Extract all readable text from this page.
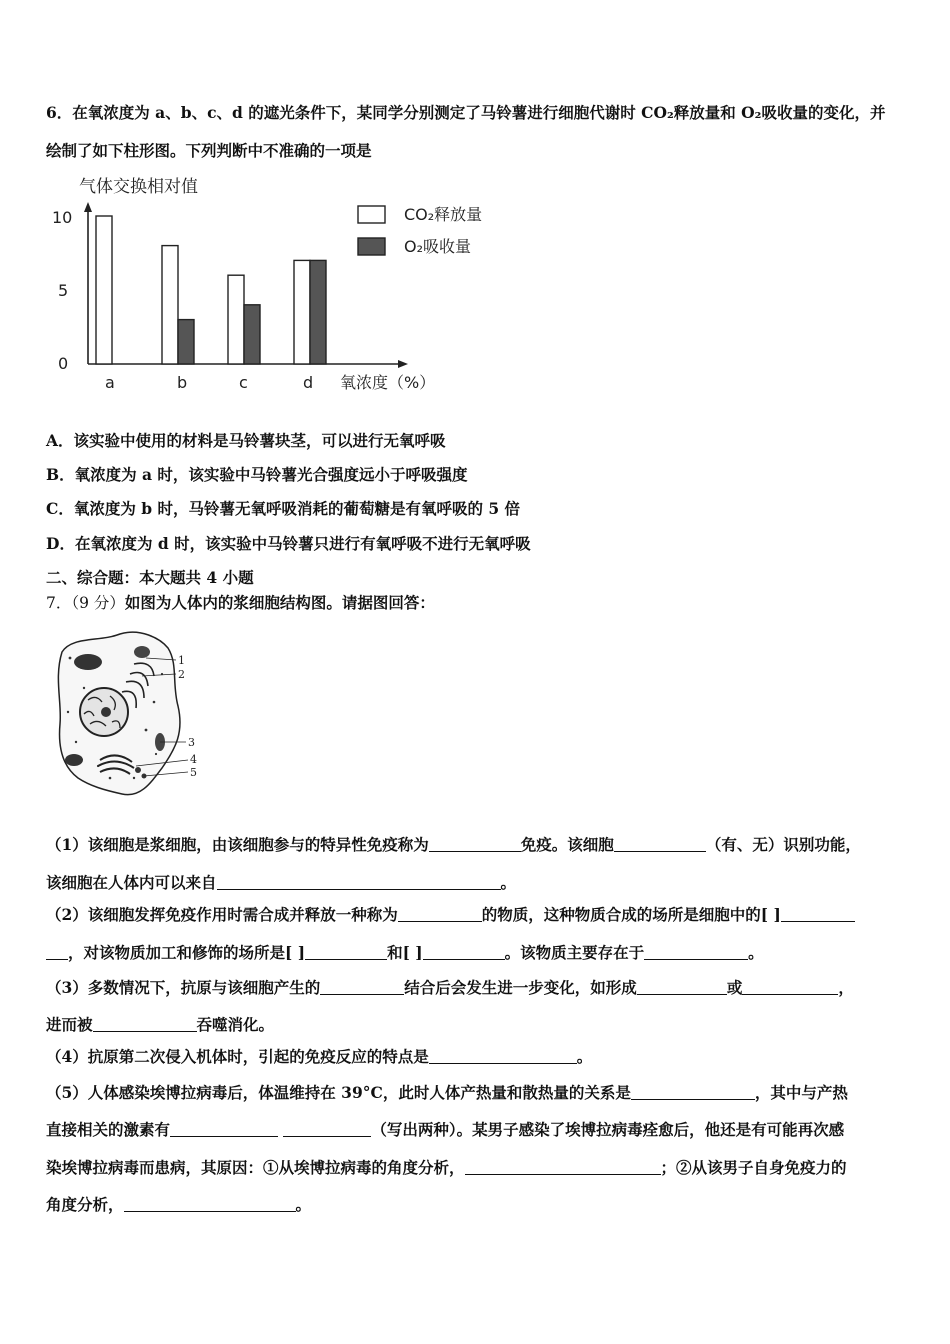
6．在氧浓度为 a、b、c、d 的遮光条件下，某同学分别测定了马铃薯进行细胞代谢时 CO₂释放量和 O₂吸收量的变化，并
绘制了如下柱形图。下列判断中不准确的一项是
气体交换相对值
0
5
10
a	b	c	d 氧浓度（%）
CO₂释放量
O₂吸收量
A．该实验中使用的材料是马铃薯块茎，可以进行无氧呼吸
B．氧浓度为 a 时，该实验中马铃薯光合强度远小于呼吸强度
C．氧浓度为 b 时，马铃薯无氧呼吸消耗的葡萄糖是有氧呼吸的 5 倍
D．在氧浓度为 d 时，该实验中马铃薯只进行有氧呼吸不进行无氧呼吸
二、综合题：本大题共 4 小题
7．（9 分）如图为人体内的浆细胞结构图。请据图回答：
1
2
3
4
5
（1）该细胞是浆细胞，由该细胞参与的特异性免疫称为	免疫。该细胞	（有、无）识别功能，
该细胞在人体内可以来自	。
（2）该细胞发挥免疫作用时需合成并释放一种称为	的物质，这种物质合成的场所是细胞中的[ ]
，对该物质加工和修饰的场所是[ ]	和[ ]	。该物质主要存在于	。
（3）多数情况下，抗原与该细胞产生的	结合后会发生进一步变化，如形成	或	，
进而被	吞噬消化。
（4）抗原第二次侵入机体时，引起的免疫反应的特点是	。
（5）人体感染埃博拉病毒后，体温维持在 39°C，此时人体产热量和散热量的关系是	，其中与产热
直接相关的激素有	（写出两种）。某男子感染了埃博拉病毒痊愈后，他还是有可能再次感
染埃博拉病毒而患病，其原因：①从埃博拉病毒的角度分析，	；②从该男子自身免疫力的
角度分析，	。
